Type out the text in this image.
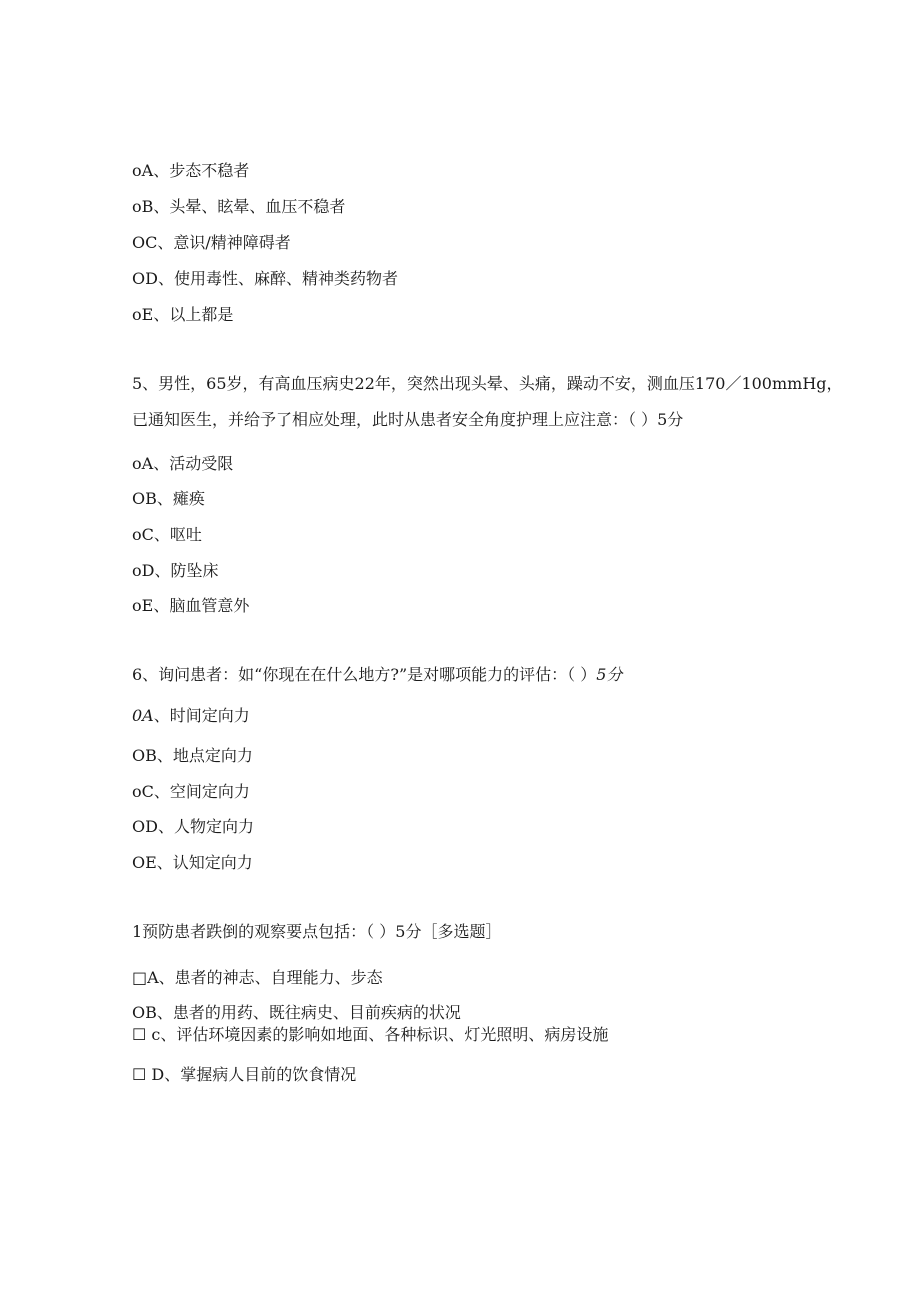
oA、步态不稳者
oB、头晕、眩晕、血压不稳者
OC、意识/精神障碍者
OD、使用毒性、麻醉、精神类药物者
oE、以上都是
5、男性，65岁，有高血压病史22年，突然出现头晕、头痛，躁动不安，测血压170／100mmHg，
已通知医生，并给予了相应处理，此时从患者安全角度护理上应注意：（ ）5分
oA、活动受限
OB、瘫痪
oC、呕吐
oD、防坠床
oE、脑血管意外
6、询问患者：如“你现在在什么地方?”是对哪项能力的评估：（ ）5分
0A、时间定向力
OB、地点定向力
oC、空间定向力
OD、人物定向力
OE、认知定向力
1预防患者跌倒的观察要点包括：（ ）5分［多选题］
□A、患者的神志、自理能力、步态
OB、患者的用药、既往病史、目前疾病的状况
☐ c、评估环境因素的影响如地面、各种标识、灯光照明、病房设施
☐ D、掌握病人目前的饮食情况
